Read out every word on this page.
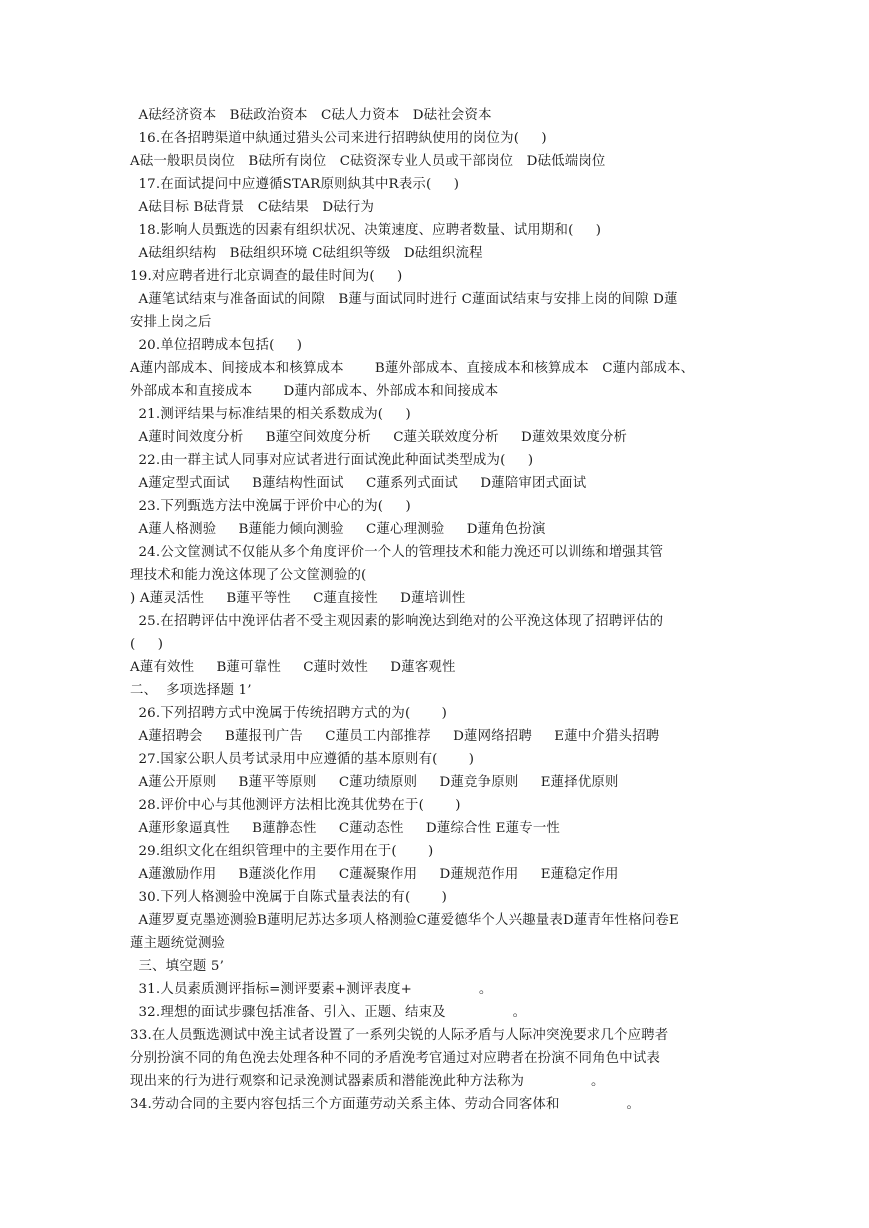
A砝经济资本   B砝政治资本   C砝人力资本   D砝社会资本
16.在各招聘渠道中紈通过猎头公司来进行招聘紈使用的岗位为(     )
A砝一般职员岗位   B砝所有岗位   C砝资深专业人员或干部岗位   D砝低端岗位
17.在面试提问中应遵循STAR原则紈其中R表示(     )
A砝目标 B砝背景   C砝结果   D砝行为
18.影响人员甄选的因素有组织状况、决策速度、应聘者数量、试用期和(     )
A砝组织结构   B砝组织环境 C砝组织等级   D砝组织流程
19.对应聘者进行北京调查的最佳时间为(     )
A蓮笔试结束与准备面试的间隙   B蓮与面试同时进行 C蓮面试结束与安排上岗的间隙 D蓮
安排上岗之后
20.单位招聘成本包括(     )
A蓮内部成本、间接成本和核算成本       B蓮外部成本、直接成本和核算成本   C蓮内部成本、
外部成本和直接成本       D蓮内部成本、外部成本和间接成本
21.测评结果与标准结果的相关系数成为(     )
A蓮时间效度分析     B蓮空间效度分析     C蓮关联效度分析     D蓮效果效度分析
22.由一群主试人同事对应试者进行面试浼此种面试类型成为(     )
A蓮定型式面试     B蓮结构性面试     C蓮系列式面试     D蓮陪审团式面试
23.下列甄选方法中浼属于评价中心的为(     )
A蓮人格测验     B蓮能力倾向测验     C蓮心理测验     D蓮角色扮演
24.公文筐测试不仅能从多个角度评价一个人的管理技术和能力浼还可以训练和增强其管
理技术和能力浼这体现了公文筐测验的(
) A蓮灵活性     B蓮平等性     C蓮直接性     D蓮培训性
25.在招聘评估中浼评估者不受主观因素的影响浼达到绝对的公平浼这体现了招聘评估的
(     )
A蓮有效性     B蓮可靠性     C蓮时效性     D蓮客观性
二、  多项选择题 1’
26.下列招聘方式中浼属于传统招聘方式的为(       )
A蓮招聘会     B蓮报刊广告     C蓮员工内部推荐     D蓮网络招聘     E蓮中介猎头招聘
27.国家公职人员考试录用中应遵循的基本原则有(       )
A蓮公开原则     B蓮平等原则     C蓮功绩原则     D蓮竞争原则     E蓮择优原则
28.评价中心与其他测评方法相比浼其优势在于(       )
A蓮形象逼真性     B蓮静态性     C蓮动态性     D蓮综合性 E蓮专一性
29.组织文化在组织管理中的主要作用在于(       )
A蓮激励作用     B蓮淡化作用     C蓮凝聚作用     D蓮规范作用     E蓮稳定作用
30.下列人格测验中浼属于自陈式量表法的有(       )
A蓮罗夏克墨迹测验B蓮明尼苏达多项人格测验C蓮爱德华个人兴趣量表D蓮青年性格问卷E
蓮主题统觉测验
三、填空题 5’
31.人员素质测评指标=测评要素+测评表度+               。
32.理想的面试步骤包括准备、引入、正题、结束及               。
33.在人员甄选测试中浼主试者设置了一系列尖锐的人际矛盾与人际冲突浼要求几个应聘者
分别扮演不同的角色浼去处理各种不同的矛盾浼考官通过对应聘者在扮演不同角色中试表
现出来的行为进行观察和记录浼测试器素质和潜能浼此种方法称为               。
34.劳动合同的主要内容包括三个方面蓮劳动关系主体、劳动合同客体和               。
